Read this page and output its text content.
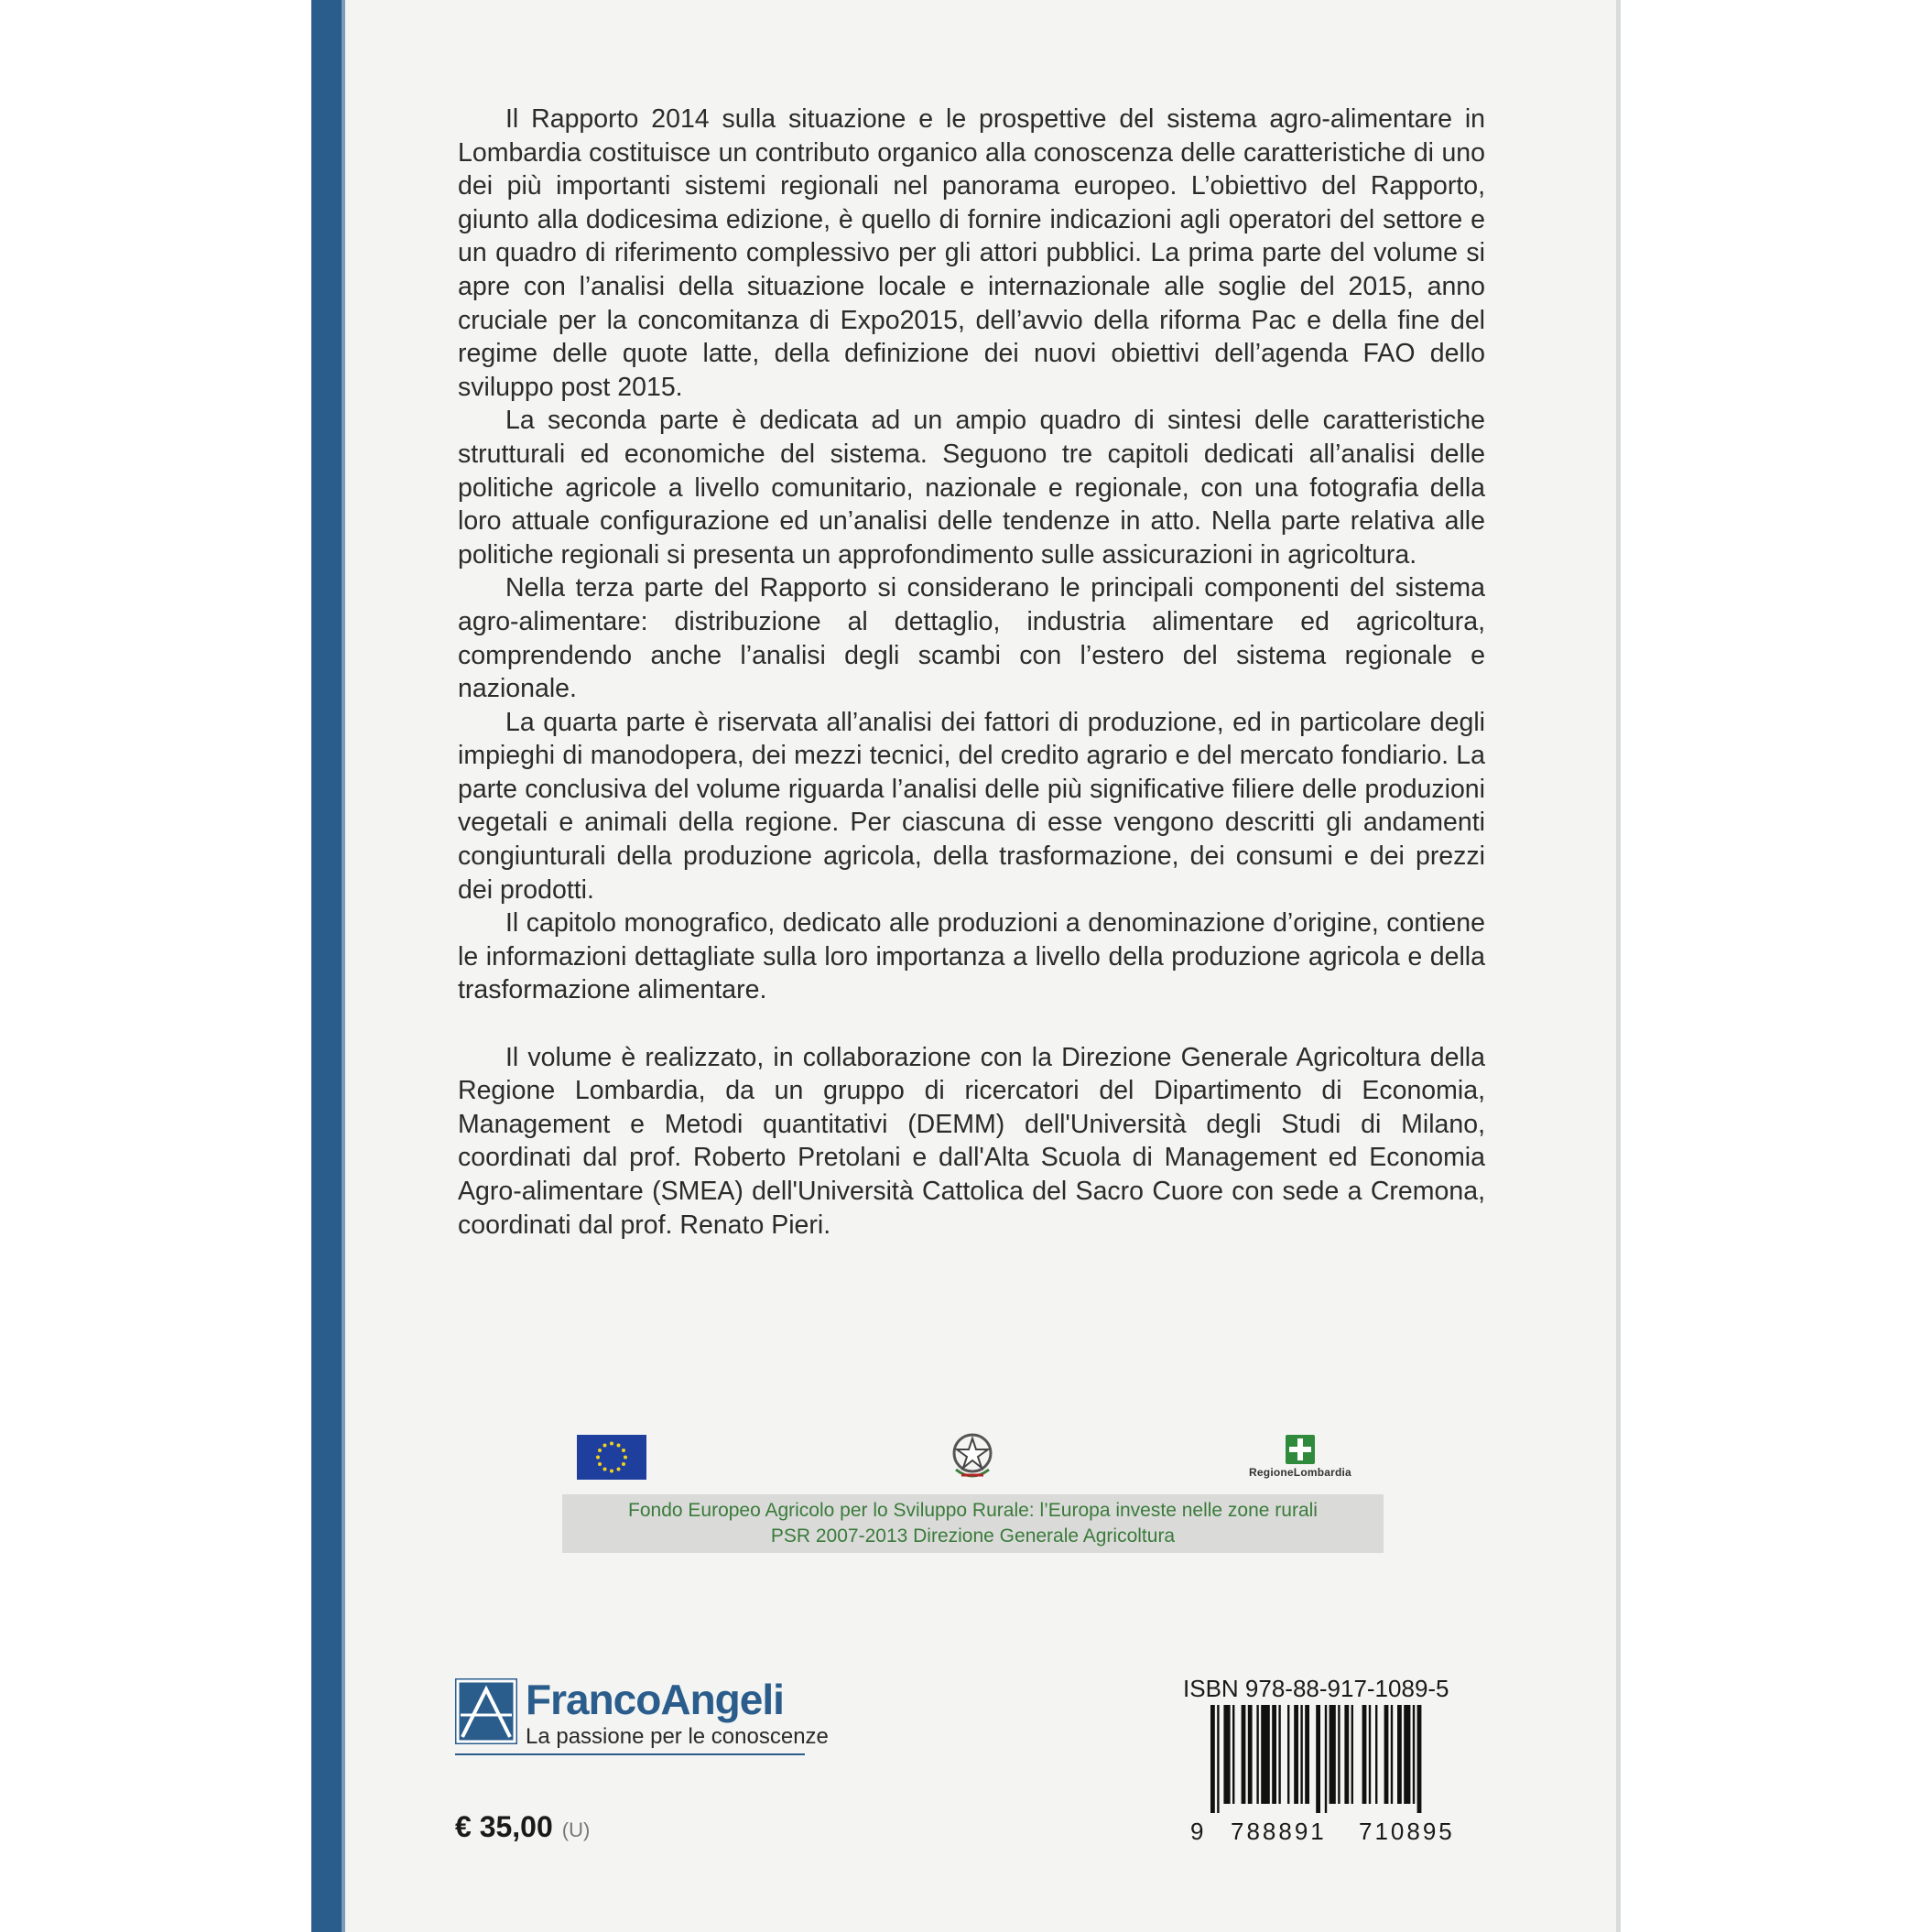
Il Rapporto 2014 sulla situazione e le prospettive del sistema agro-alimentare in Lombardia costituisce un contributo organico alla conoscenza delle caratteristiche di uno dei più importanti sistemi regionali nel panorama europeo. L’obiettivo del Rapporto, giunto alla dodicesima edizione, è quello di fornire indicazioni agli operatori del settore e un quadro di riferimento complessivo per gli attori pubblici. La prima parte del volume si apre con l’analisi della situazione locale e internazionale alle soglie del 2015, anno cruciale per la concomitanza di Expo2015, dell’avvio della riforma Pac e della fine del regime delle quote latte, della definizione dei nuovi obiettivi dell’agenda FAO dello sviluppo post 2015.

La seconda parte è dedicata ad un ampio quadro di sintesi delle caratteristiche strutturali ed economiche del sistema. Seguono tre capitoli dedicati all’analisi delle politiche agricole a livello comunitario, nazionale e regionale, con una fotografia della loro attuale configurazione ed un’analisi delle tendenze in atto. Nella parte relativa alle politiche regionali si presenta un approfondimento sulle assicurazioni in agricoltura.

Nella terza parte del Rapporto si considerano le principali componenti del sistema agro-alimentare: distribuzione al dettaglio, industria alimentare ed agricoltura, comprendendo anche l’analisi degli scambi con l’estero del sistema regionale e nazionale.

La quarta parte è riservata all’analisi dei fattori di produzione, ed in particolare degli impieghi di manodopera, dei mezzi tecnici, del credito agrario e del mercato fondiario. La parte conclusiva del volume riguarda l’analisi delle più significative filiere delle produzioni vegetali e animali della regione. Per ciascuna di esse vengono descritti gli andamenti congiunturali della produzione agricola, della trasformazione, dei consumi e dei prezzi dei prodotti.

Il capitolo monografico, dedicato alle produzioni a denominazione d’origine, contiene le informazioni dettagliate sulla loro importanza a livello della produzione agricola e della trasformazione alimentare.

Il volume è realizzato, in collaborazione con la Direzione Generale Agricoltura della Regione Lombardia, da un gruppo di ricercatori del Dipartimento di Economia, Management e Metodi quantitativi (DEMM) dell'Università degli Studi di Milano, coordinati dal prof. Roberto Pretolani e dall'Alta Scuola di Management ed Economia Agro-alimentare (SMEA) dell'Università Cattolica del Sacro Cuore con sede a Cremona, coordinati dal prof. Renato Pieri.

RegioneLombardia
Fondo Europeo Agricolo per lo Sviluppo Rurale: l’Europa investe nelle zone rurali
PSR 2007-2013 Direzione Generale Agricoltura
FrancoAngeli
La passione per le conoscenze
€ 35,00 (U)
ISBN 978-88-917-1089-5
9 788891 710895
